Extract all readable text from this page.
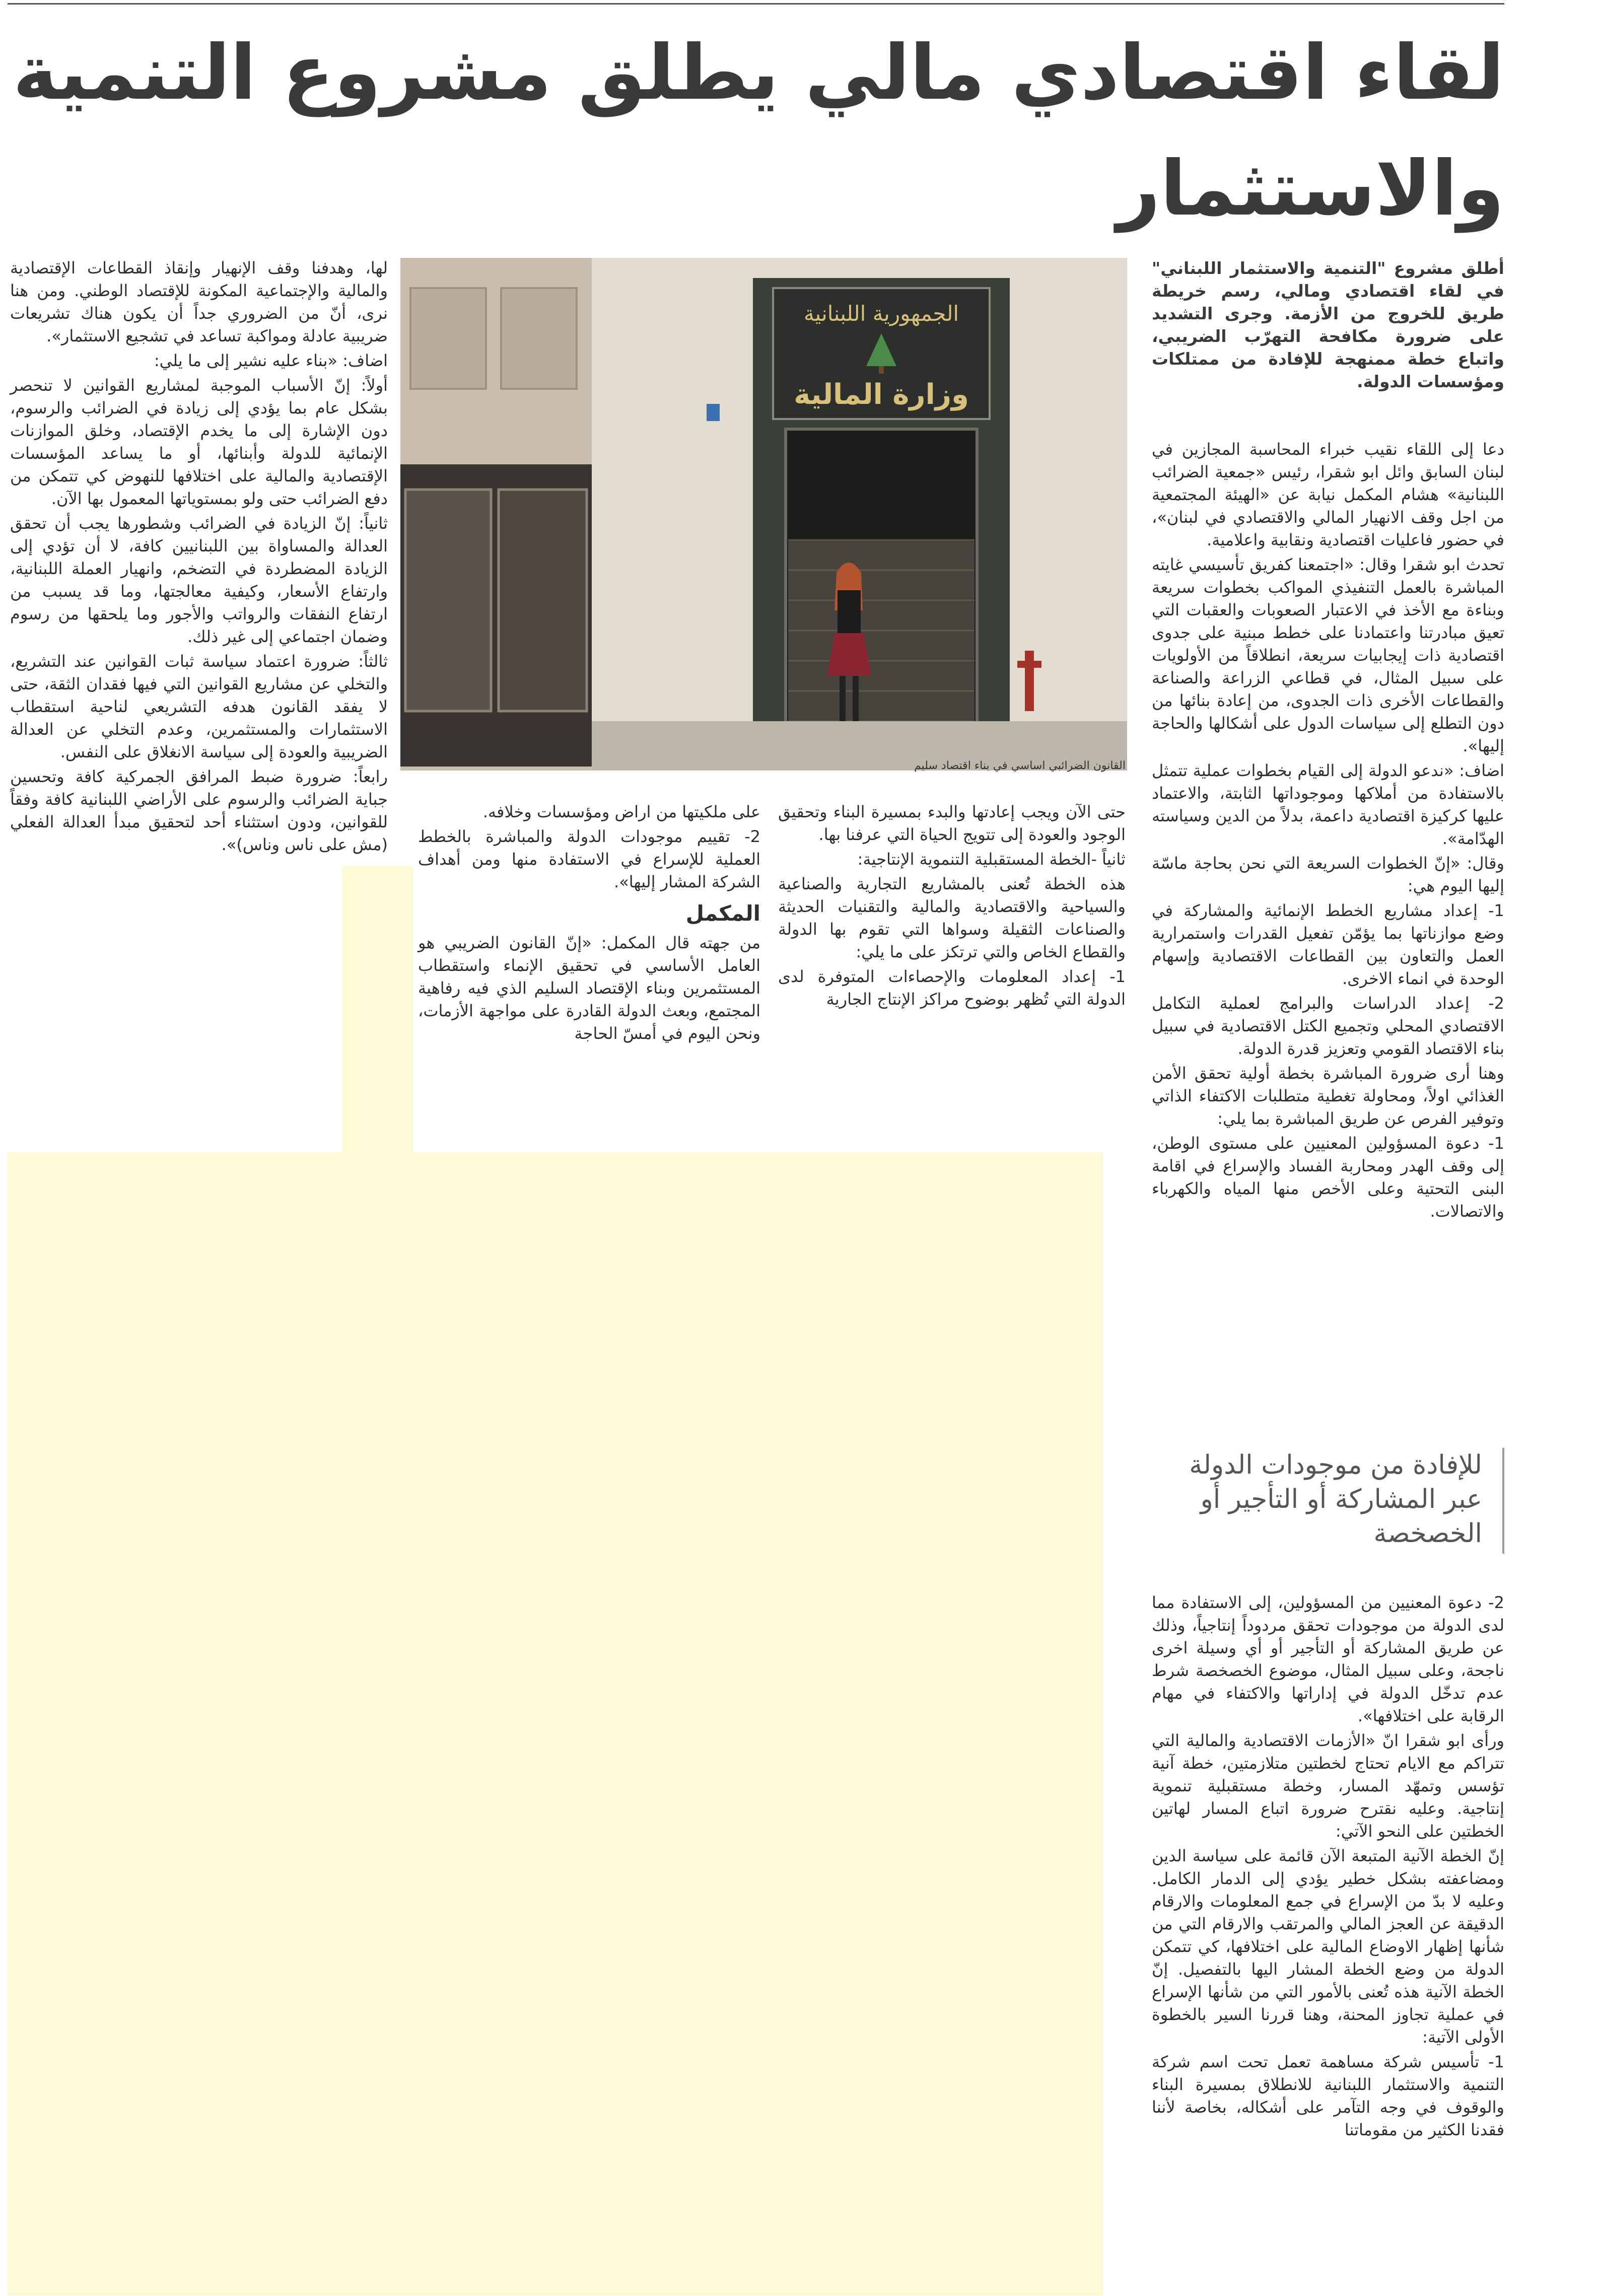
لقاء اقتصادي مالي يطلق مشروع التنمية
والاستثمار

أطلق مشروع "التنمية والاستثمار اللبناني" في لقاء اقتصادي ومالي، رسم خريطة طريق للخروج من الأزمة. وجرى التشديد على ضرورة مكافحة التهرّب الضريبي، واتباع خطة ممنهجة للإفادة من ممتلكات ومؤسسات الدولة.

دعا إلى اللقاء نقيب خبراء المحاسبة المجازين في لبنان السابق وائل ابو شقرا، رئيس «جمعية الضرائب اللبنانية» هشام المكمل نيابة عن «الهيئة المجتمعية من اجل وقف الانهيار المالي والاقتصادي في لبنان»، في حضور فاعليات اقتصادية ونقابية واعلامية.

تحدث ابو شقرا وقال: «اجتمعنا كفريق تأسيسي غايته المباشرة بالعمل التنفيذي المواكب بخطوات سريعة وبناءة مع الأخذ في الاعتبار الصعوبات والعقبات التي تعيق مبادرتنا واعتمادنا على خطط مبنية على جدوى اقتصادية ذات إيجابيات سريعة، انطلاقاً من الأولويات على سبيل المثال، في قطاعي الزراعة والصناعة والقطاعات الأخرى ذات الجدوى، من إعادة بنائها من دون التطلع إلى سياسات الدول على أشكالها والحاجة إليها».

اضاف: «ندعو الدولة إلى القيام بخطوات عملية تتمثل بالاستفادة من أملاكها وموجوداتها الثابتة، والاعتماد عليها كركيزة اقتصادية داعمة، بدلاً من الدين وسياسته الهدّامة».

وقال: «إنّ الخطوات السريعة التي نحن بحاجة ماسّة إليها اليوم هي:

1- إعداد مشاريع الخطط الإنمائية والمشاركة في وضع موازناتها بما يؤمّن تفعيل القدرات واستمرارية العمل والتعاون بين القطاعات الاقتصادية وإسهام الوحدة في انماء الاخرى.

2- إعداد الدراسات والبرامج لعملية التكامل الاقتصادي المحلي وتجميع الكتل الاقتصادية في سبيل بناء الاقتصاد القومي وتعزيز قدرة الدولة.

وهنا أرى ضرورة المباشرة بخطة أولية تحقق الأمن الغذائي اولاً، ومحاولة تغطية متطلبات الاكتفاء الذاتي وتوفير الفرص عن طريق المباشرة بما يلي:

1- دعوة المسؤولين المعنيين على مستوى الوطن، إلى وقف الهدر ومحاربة الفساد والإسراع في اقامة البنى التحتية وعلى الأخص منها المياه والكهرباء والاتصالات.

للإفادة من موجودات الدولة عبر المشاركة أو التأجير أو الخصخصة

2- دعوة المعنيين من المسؤولين، إلى الاستفادة مما لدى الدولة من موجودات تحقق مردوداً إنتاجياً، وذلك عن طريق المشاركة أو التأجير أو أي وسيلة اخرى ناجحة، وعلى سبيل المثال، موضوع الخصخصة شرط عدم تدخّل الدولة في إداراتها والاكتفاء في مهام الرقابة على اختلافها».

ورأى ابو شقرا انّ «الأزمات الاقتصادية والمالية التي تتراكم مع الايام تحتاج لخطتين متلازمتين، خطة آنية تؤسس وتمهّد المسار، وخطة مستقبلية تنموية إنتاجية. وعليه نقترح ضرورة اتباع المسار لهاتين الخطتين على النحو الآتي:

إنّ الخطة الآنية المتبعة الآن قائمة على سياسة الدين ومضاعفته بشكل خطير يؤدي إلى الدمار الكامل. وعليه لا بدّ من الإسراع في جمع المعلومات والارقام الدقيقة عن العجز المالي والمرتقب والارقام التي من شأنها إظهار الاوضاع المالية على اختلافها، كي تتمكن الدولة من وضع الخطة المشار اليها بالتفصيل. إنّ الخطة الآنية هذه تُعنى بالأمور التي من شأنها الإسراع في عملية تجاوز المحنة، وهنا قررنا السير بالخطوة الأولى الآتية:

1- تأسيس شركة مساهمة تعمل تحت اسم شركة التنمية والاستثمار اللبنانية للانطلاق بمسيرة البناء والوقوف في وجه التآمر على أشكاله، بخاصة لأننا فقدنا الكثير من مقوماتنا

الجمهورية اللبنانية
وزارة المالية
القانون الضرائبي اساسي في بناء اقتصاد سليم

حتى الآن ويجب إعادتها والبدء بمسيرة البناء وتحقيق الوجود والعودة إلى تتويج الحياة التي عرفنا بها.

ثانياً -الخطة المستقبلية التنموية الإنتاجية:

هذه الخطة تُعنى بالمشاريع التجارية والصناعية والسياحية والاقتصادية والمالية والتقنيات الحديثة والصناعات الثقيلة وسواها التي تقوم بها الدولة والقطاع الخاص والتي ترتكز على ما يلي:

1- إعداد المعلومات والإحصاءات المتوفرة لدى الدولة التي تُظهر بوضوح مراكز الإنتاج الجارية

على ملكيتها من اراض ومؤسسات وخلافه.

2- تقييم موجودات الدولة والمباشرة بالخطط العملية للإسراع في الاستفادة منها ومن أهداف الشركة المشار إليها».

المكمل

من جهته قال المكمل: «إنّ القانون الضريبي هو العامل الأساسي في تحقيق الإنماء واستقطاب المستثمرين وبناء الإقتصاد السليم الذي فيه رفاهية المجتمع، وبعث الدولة القادرة على مواجهة الأزمات، ونحن اليوم في أمسّ الحاجة

لها، وهدفنا وقف الإنهيار وإنقاذ القطاعات الإقتصادية والمالية والإجتماعية المكونة للإقتصاد الوطني. ومن هنا نرى، أنّ من الضروري جداً أن يكون هناك تشريعات ضريبية عادلة ومواكبة تساعد في تشجيع الاستثمار».

اضاف: «بناء عليه نشير إلى ما يلي:

أولاً: إنّ الأسباب الموجبة لمشاريع القوانين لا تنحصر بشكل عام بما يؤدي إلى زيادة في الضرائب والرسوم، دون الإشارة إلى ما يخدم الإقتصاد، وخلق الموازنات الإنمائية للدولة وأبنائها، أو ما يساعد المؤسسات الإقتصادية والمالية على اختلافها للنهوض كي تتمكن من دفع الضرائب حتى ولو بمستوياتها المعمول بها الآن.

ثانياً: إنّ الزيادة في الضرائب وشطورها يجب أن تحقق العدالة والمساواة بين اللبنانيين كافة، لا أن تؤدي إلى الزيادة المضطردة في التضخم، وانهيار العملة اللبنانية، وارتفاع الأسعار، وكيفية معالجتها، وما قد يسبب من ارتفاع النفقات والرواتب والأجور وما يلحقها من رسوم وضمان اجتماعي إلى غير ذلك.

ثالثاً: ضرورة اعتماد سياسة ثبات القوانين عند التشريع، والتخلي عن مشاريع القوانين التي فيها فقدان الثقة، حتى لا يفقد القانون هدفه التشريعي لناحية استقطاب الاستثمارات والمستثمرين، وعدم التخلي عن العدالة الضريبية والعودة إلى سياسة الانغلاق على النفس.

رابعاً: ضرورة ضبط المرافق الجمركية كافة وتحسين جباية الضرائب والرسوم على الأراضي اللبنانية كافة وفقاً للقوانين، ودون استثناء أحد لتحقيق مبدأ العدالة الفعلي (مش على ناس وناس)».
